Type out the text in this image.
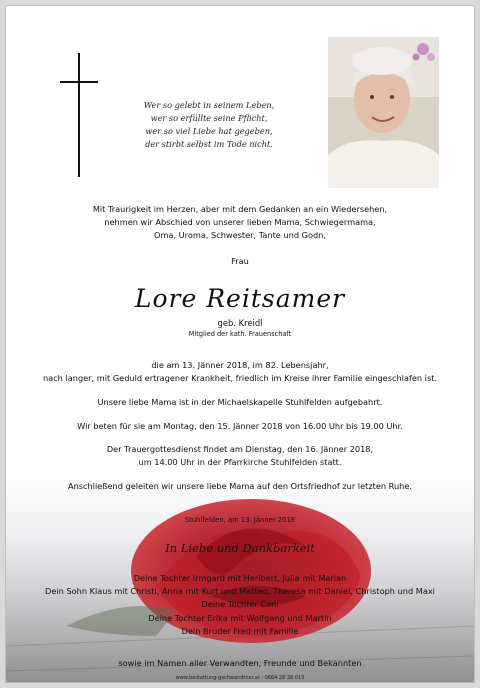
Wer so gelebt in seinem Leben,
wer so erfüllte seine Pflicht,
wer so viel Liebe hat gegeben,
der stirbt selbst im Tode nicht.
Mit Traurigkeit im Herzen, aber mit dem Gedanken an ein Wiedersehen,
nehmen wir Abschied von unserer lieben Mama, Schwiegermama,
Oma, Uroma, Schwester, Tante und Godn,
Frau
Lore Reitsamer
geb. Kreidl
Mitglied der kath. Frauenschaft
die am 13. Jänner 2018, im 82. Lebensjahr,
nach langer, mit Geduld ertragener Krankheit, friedlich im Kreise ihrer Familie eingeschlafen ist.
Unsere liebe Mama ist in der Michaelskapelle Stuhlfelden aufgebahrt.
Wir beten für sie am Montag, den 15. Jänner 2018 von 16.00 Uhr bis 19.00 Uhr.
Der Trauergottesdienst findet am Dienstag, den 16. Jänner 2018,
um 14.00 Uhr in der Pfarrkirche Stuhlfelden statt.
Anschließend geleiten wir unsere liebe Mama auf den Ortsfriedhof zur letzten Ruhe.
Stuhlfelden, am 13. Jänner 2018
In Liebe und Dankbarkeit
Deine Tochter Irmgard mit Heribert, Julia mit Marian
Dein Sohn Klaus mit Christl, Anna mit Kurt und Matteo, Theresa mit Daniel, Christoph und Maxi
Deine Tochter Coni
Deine Tochter Erika mit Wolfgang und Martin
Dein Bruder Fred mit Familie
sowie im Namen aller Verwandten, Freunde und Bekannten
www.bestattung-gschwandtner.at · 0664 28 28 013
